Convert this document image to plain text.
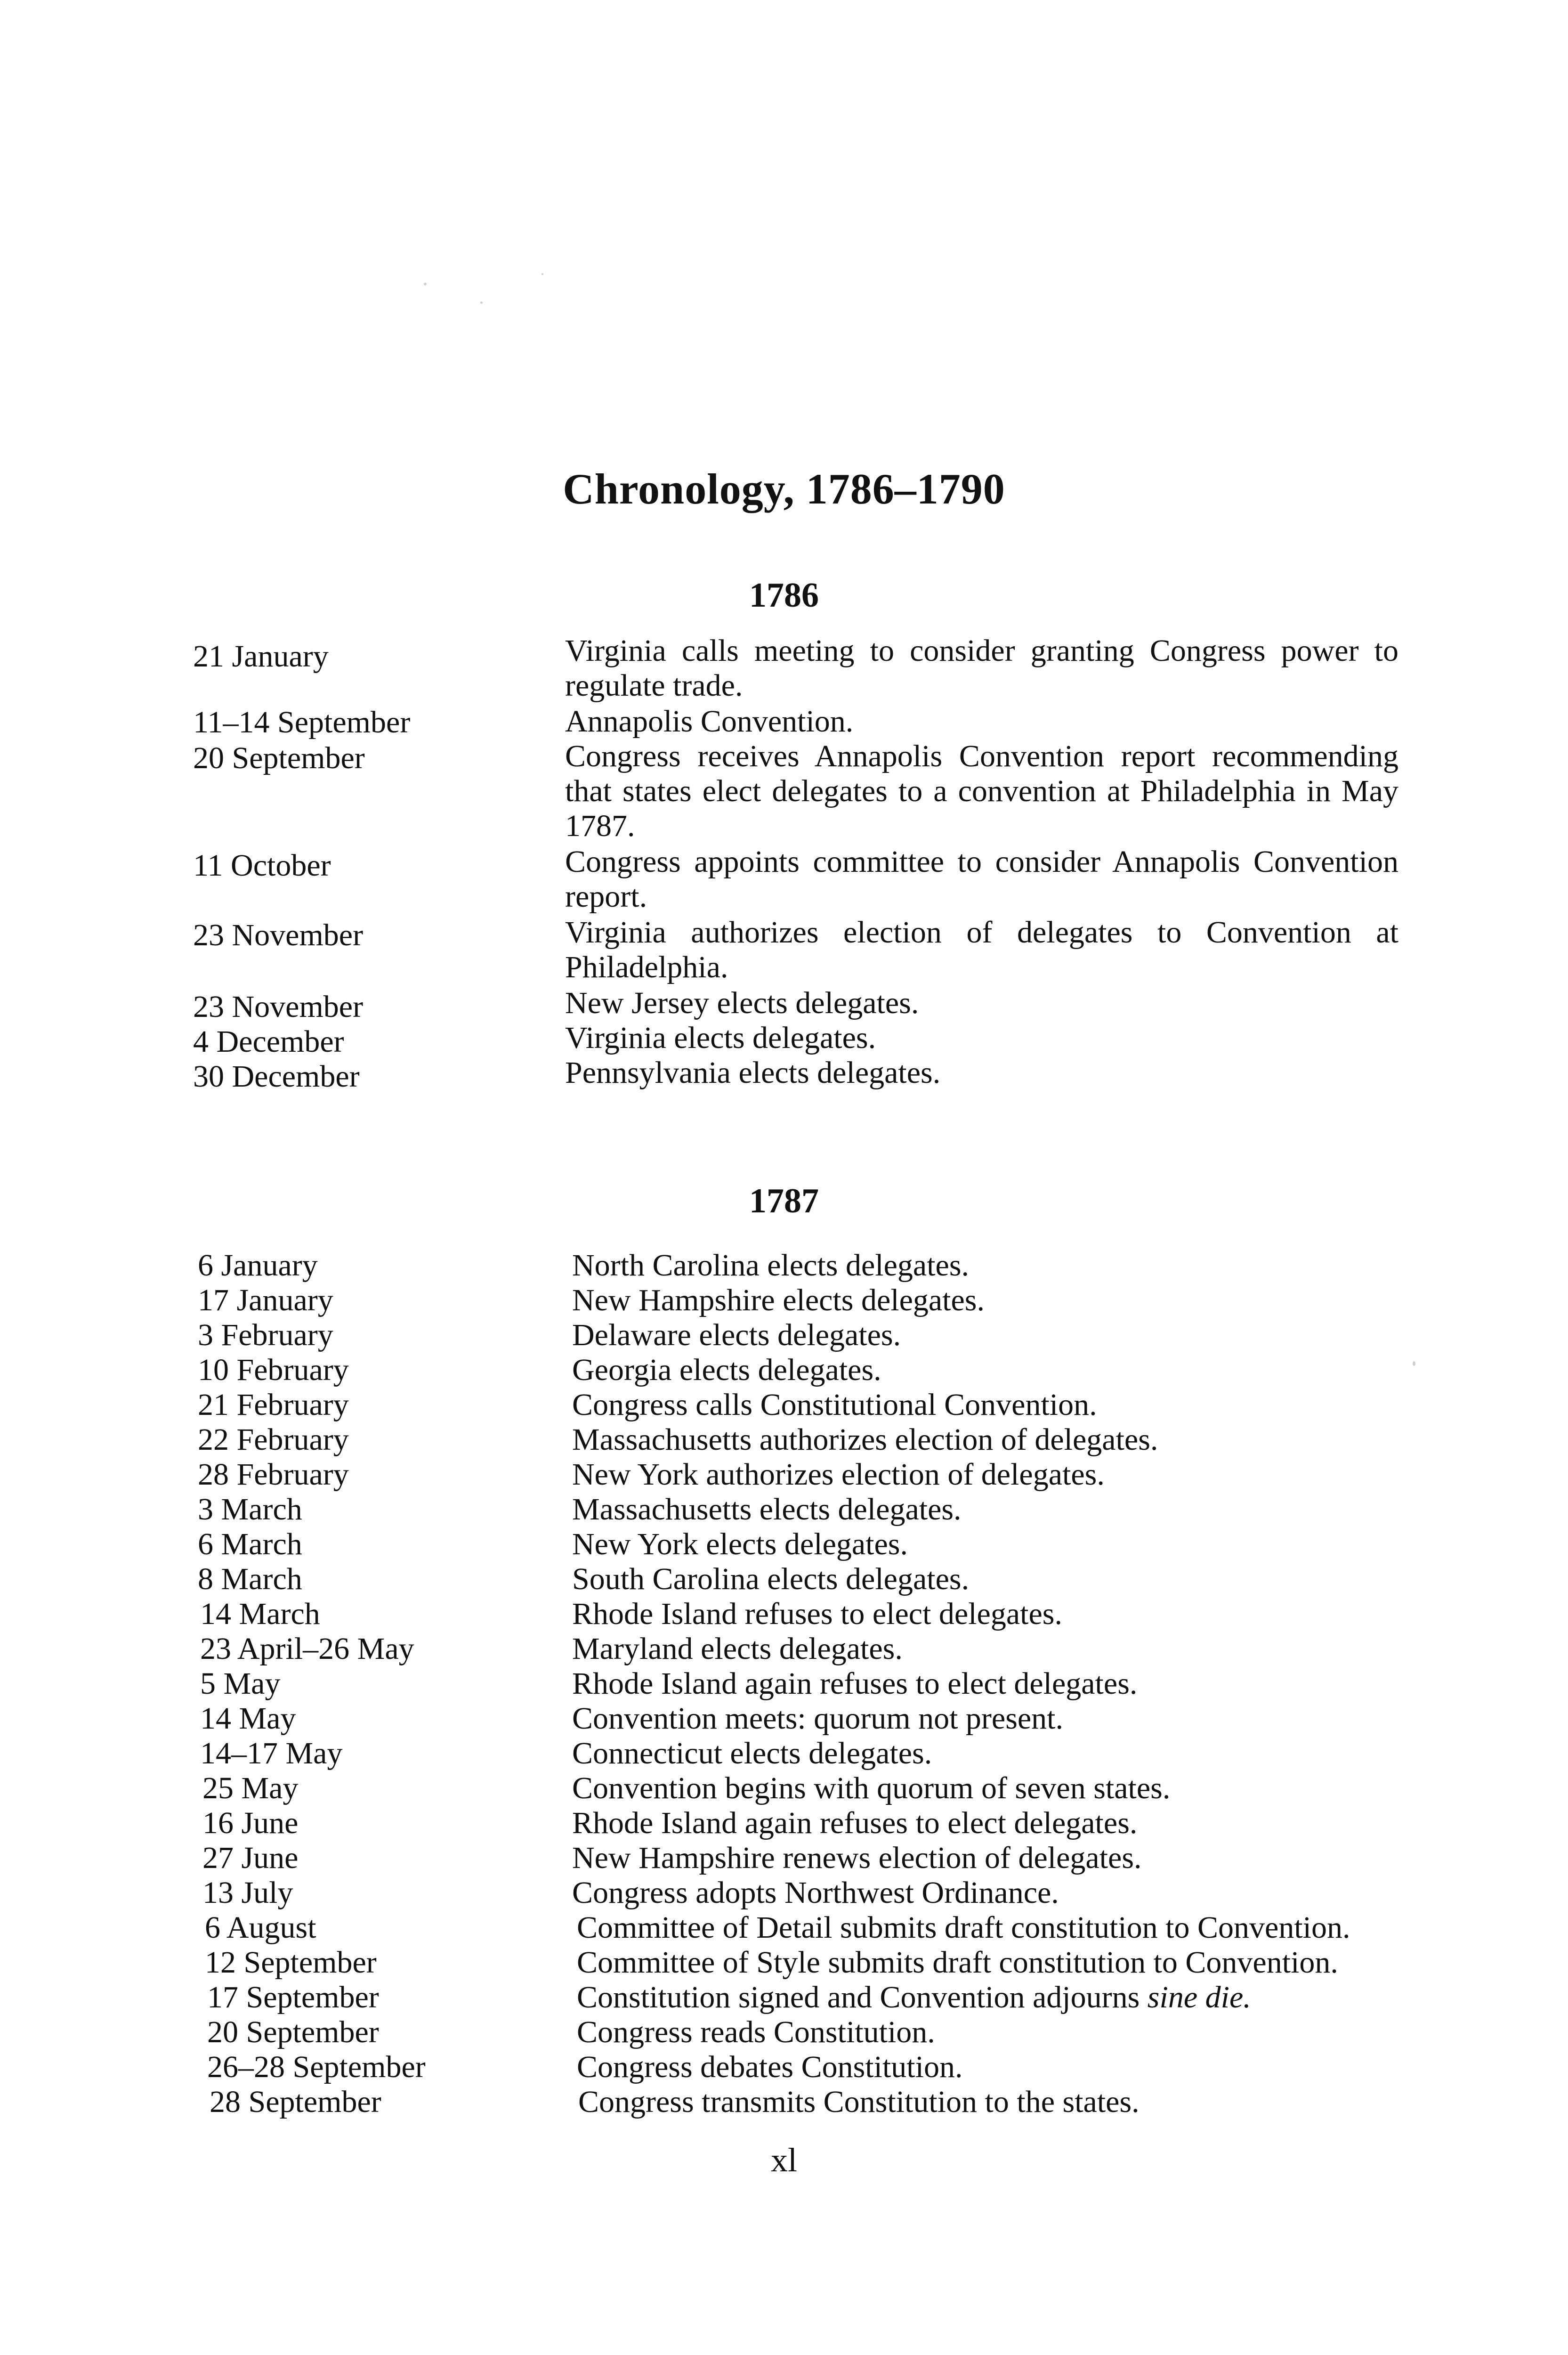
Chronology, 1786–1790
1786
21 January	Virginia calls meeting to consider granting Congress power to regulate trade.
11–14 September	Annapolis Convention.
20 September	Congress receives Annapolis Convention report recommending that states elect delegates to a convention at Philadelphia in May 1787.
11 October	Congress appoints committee to consider Annapolis Convention report.
23 November	Virginia authorizes election of delegates to Convention at Philadelphia.
23 November	New Jersey elects delegates.
4 December	Virginia elects delegates.
30 December	Pennsylvania elects delegates.
1787
6 January	North Carolina elects delegates.
17 January	New Hampshire elects delegates.
3 February	Delaware elects delegates.
10 February	Georgia elects delegates.
21 February	Congress calls Constitutional Convention.
22 February	Massachusetts authorizes election of delegates.
28 February	New York authorizes election of delegates.
3 March	Massachusetts elects delegates.
6 March	New York elects delegates.
8 March	South Carolina elects delegates.
14 March	Rhode Island refuses to elect delegates.
23 April–26 May	Maryland elects delegates.
5 May	Rhode Island again refuses to elect delegates.
14 May	Convention meets: quorum not present.
14–17 May	Connecticut elects delegates.
25 May	Convention begins with quorum of seven states.
16 June	Rhode Island again refuses to elect delegates.
27 June	New Hampshire renews election of delegates.
13 July	Congress adopts Northwest Ordinance.
6 August	Committee of Detail submits draft constitution to Convention.
12 September	Committee of Style submits draft constitution to Convention.
17 September	Constitution signed and Convention adjourns sine die.
20 September	Congress reads Constitution.
26–28 September	Congress debates Constitution.
28 September	Congress transmits Constitution to the states.
xl
